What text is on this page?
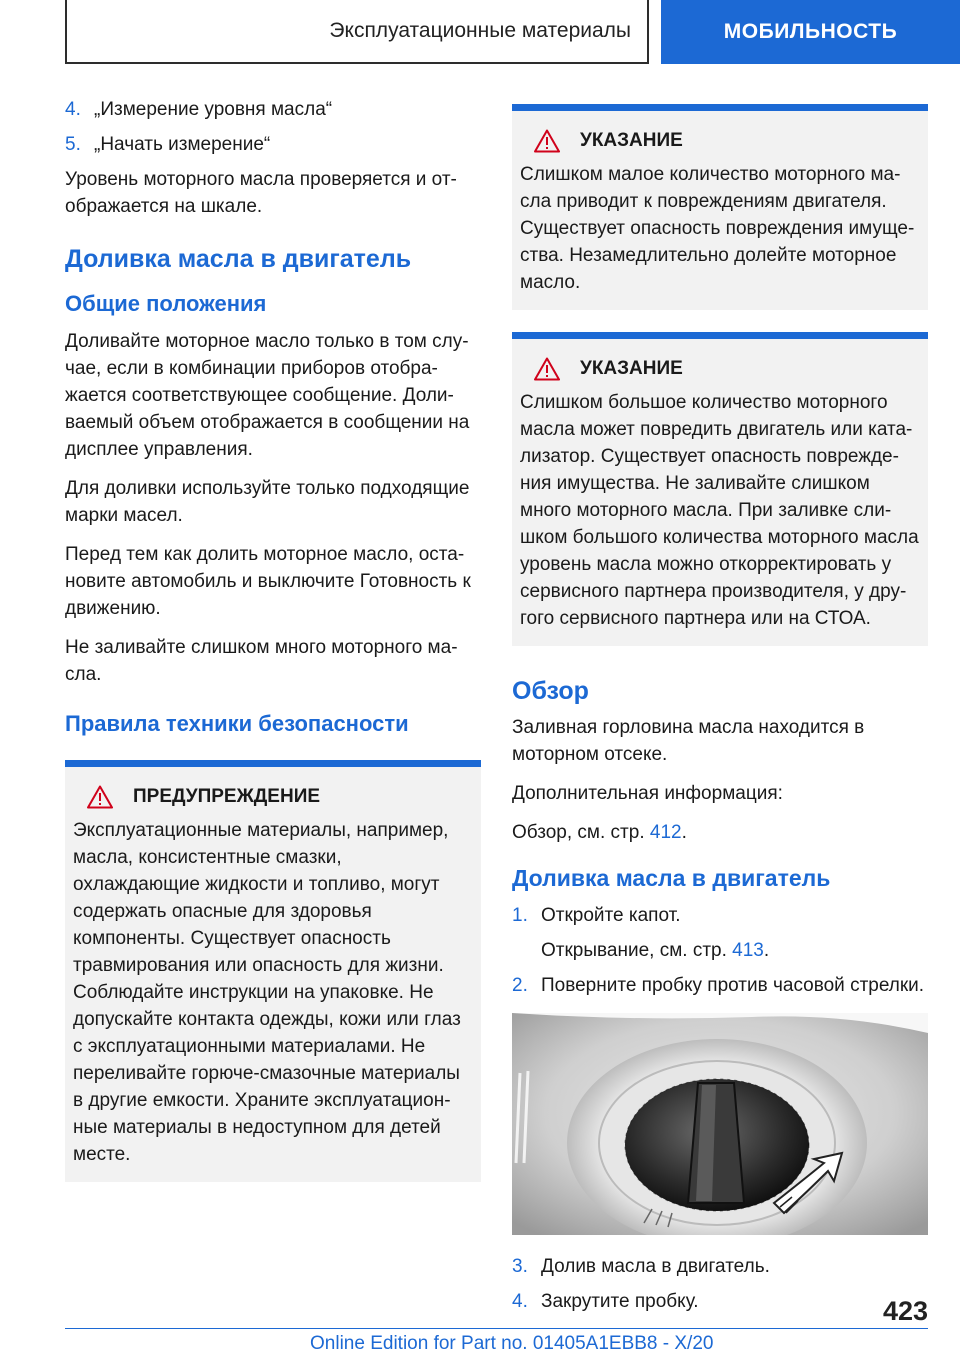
Эксплуатационные материалы	МОБИЛЬНОСТЬ
4. „Измерение уровня масла“
5. „Начать измерение“

Уровень моторного масла проверяется и отображается на шкале.

Доливка масла в двигатель
Общие положения

Доливайте моторное масло только в том случае, если в комбинации приборов отображается соответствующее сообщение. Доливаемый объем отображается в сообщении на дисплее управления.

Для доливки используйте только подходящие марки масел.

Перед тем как долить моторное масло, остановите автомобиль и выключите Готовность к движению.

Не заливайте слишком много моторного масла.

Правила техники безопасности
ПРЕДУПРЕЖДЕНИЕ

Эксплуатационные материалы, например, масла, консистентные смазки, охлаждающие жидкости и топливо, могут содержать опасные для здоровья компоненты. Существует опасность травмирования или опасность для жизни. Соблюдайте инструкции на упаковке. Не допускайте контакта одежды, кожи или глаз с эксплуатационными материалами. Не переливайте горюче-смазочные материалы в другие емкости. Храните эксплуатационные материалы в недоступном для детей месте.

УКАЗАНИЕ

Слишком малое количество моторного масла приводит к повреждениям двигателя. Существует опасность повреждения имущества. Незамедлительно долейте моторное масло.

УКАЗАНИЕ

Слишком большое количество моторного масла может повредить двигатель или катализатор. Существует опасность повреждения имущества. Не заливайте слишком много моторного масла. При заливке слишком большого количества моторного масла уровень масла можно откорректировать у сервисного партнера производителя, у другого сервисного партнера или на СТОА.

Обзор

Заливная горловина масла находится в моторном отсеке.

Дополнительная информация:

Обзор, см. стр. 412.

Доливка масла в двигатель
1. Откройте капот.

Открывание, см. стр. 413.

2. Поверните пробку против часовой стрелки.
3. Долив масла в двигатель.
4. Закрутите пробку.	423
Online Edition for Part no. 01405A1EBB8 - X/20
